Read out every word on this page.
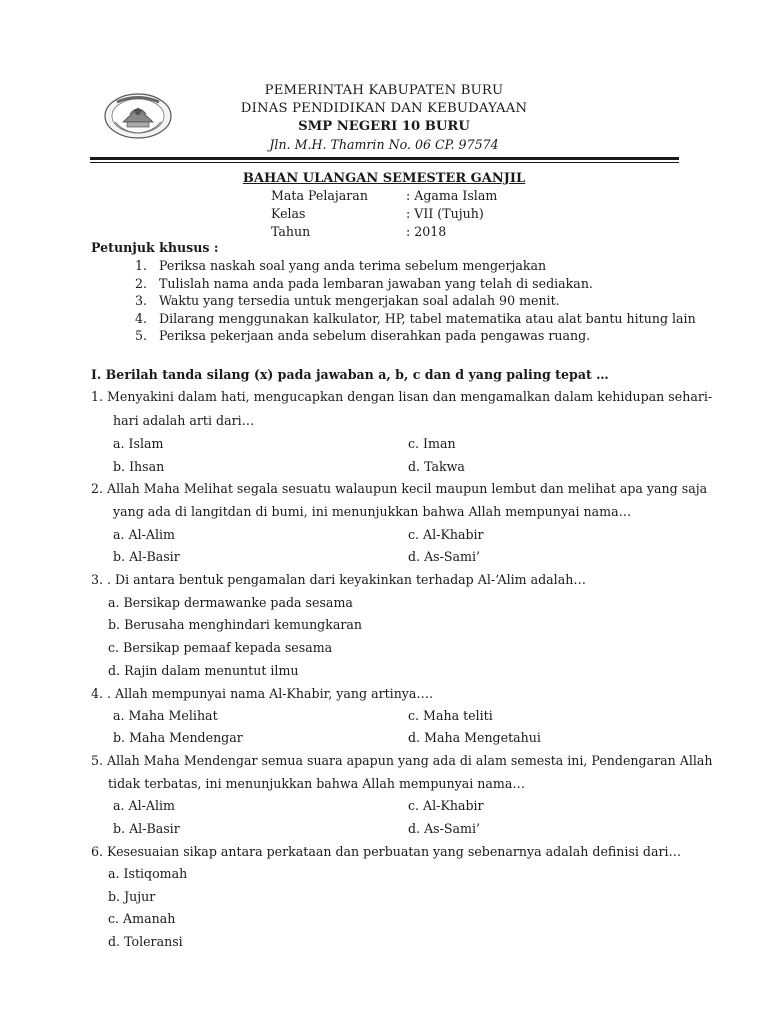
PEMERINTAH KABUPATEN BURU
DINAS PENDIDIKAN DAN KEBUDAYAAN
SMP NEGERI 10 BURU
Jln. M.H. Thamrin No. 06 CP. 97574
BAHAN ULANGAN SEMESTER GANJIL
Mata Pelajaran	: Agama Islam
Kelas	: VII (Tujuh)
Tahun	: 2018
Petunjuk khusus :
1. Periksa naskah soal yang anda terima sebelum mengerjakan
2. Tulislah nama anda pada lembaran jawaban yang telah di sediakan.
3. Waktu yang tersedia untuk mengerjakan soal adalah 90 menit.
4. Dilarang menggunakan kalkulator, HP, tabel matematika atau alat bantu hitung lain
5. Periksa pekerjaan anda sebelum diserahkan pada pengawas ruang.
I. Berilah tanda silang (x) pada jawaban a, b, c dan d yang paling tepat …
1. Menyakini dalam hati, mengucapkan dengan lisan dan mengamalkan dalam kehidupan sehari-
hari adalah arti dari…
a. Islam	c. Iman
b. Ihsan	d. Takwa
2. Allah Maha Melihat segala sesuatu walaupun kecil maupun lembut dan melihat apa yang saja
yang ada di langitdan di bumi, ini menunjukkan bahwa Allah mempunyai nama…
a. Al-Alim	c. Al-Khabir
b. Al-Basir	d. As-Sami’
3. . Di antara bentuk pengamalan dari keyakinkan terhadap Al-‘Alim adalah…
a. Bersikap dermawanke pada sesama
b. Berusaha menghindari kemungkaran
c. Bersikap pemaaf kepada sesama
d. Rajin dalam menuntut ilmu
4. . Allah mempunyai nama Al-Khabir, yang artinya….
a. Maha Melihat	c. Maha teliti
b. Maha Mendengar	d. Maha Mengetahui
5. Allah Maha Mendengar semua suara apapun yang ada di alam semesta ini, Pendengaran Allah
tidak terbatas, ini menunjukkan bahwa Allah mempunyai nama…
a. Al-Alim	c. Al-Khabir
b. Al-Basir	d. As-Sami’
6. Kesesuaian sikap antara perkataan dan perbuatan yang sebenarnya adalah definisi dari…
a. Istiqomah
b. Jujur
c. Amanah
d. Toleransi
